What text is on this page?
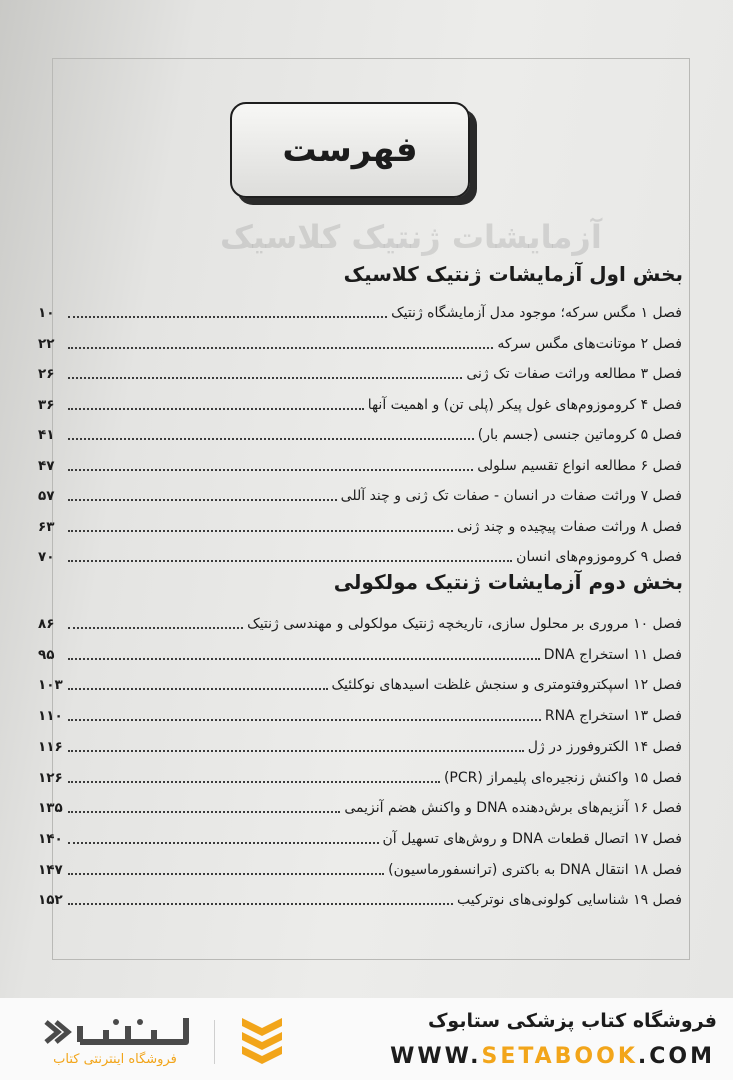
آزمایشات ژنتیک کلاسیک
فهرست
بخش اول آزمایشات ژنتیک کلاسیک
فصل ۱ مگس سرکه؛ موجود مدل آزمایشگاه ژنتیک
۱۰
فصل ۲ موتانت‌های مگس سرکه
۲۲
فصل ۳ مطالعه وراثت صفات تک ژنی
۲۶
فصل ۴ کروموزوم‌های غول پیکر (پلی تن) و اهمیت آنها
۳۶
فصل ۵ کروماتین جنسی (جسم بار)
۴۱
فصل ۶ مطالعه انواع تقسیم سلولی
۴۷
فصل ۷ وراثت صفات در انسان - صفات تک ژنی و چند آللی
۵۷
فصل ۸ وراثت صفات پیچیده و چند ژنی
۶۳
فصل ۹ کروموزوم‌های انسان
۷۰
بخش دوم آزمایشات ژنتیک مولکولی
فصل ۱۰ مروری بر محلول سازی، تاریخچه ژنتیک مولکولی و مهندسی ژنتیک
۸۶
فصل ۱۱ استخراج DNA
۹۵
فصل ۱۲ اسپکتروفتومتری و سنجش غلظت اسیدهای نوکلئیک
۱۰۳
فصل ۱۳ استخراج RNA
۱۱۰
فصل ۱۴ الکتروفورز در ژل
۱۱۶
فصل ۱۵ واکنش زنجیره‌ای پلیمراز (PCR)
۱۲۶
فصل ۱۶ آنزیم‌های برش‌دهنده DNA و واکنش هضم آنزیمی
۱۳۵
فصل ۱۷ اتصال قطعات DNA و روش‌های تسهیل آن
۱۴۰
فصل ۱۸ انتقال DNA به باکتری (ترانسفورماسیون)
۱۴۷
فصل ۱۹ شناسایی کولونی‌های نوترکیب
۱۵۲
فروشگاه اینترنتی کتاب
فروشگاه کتاب پزشکی ستابوک
WWW.SETABOOK.COM
